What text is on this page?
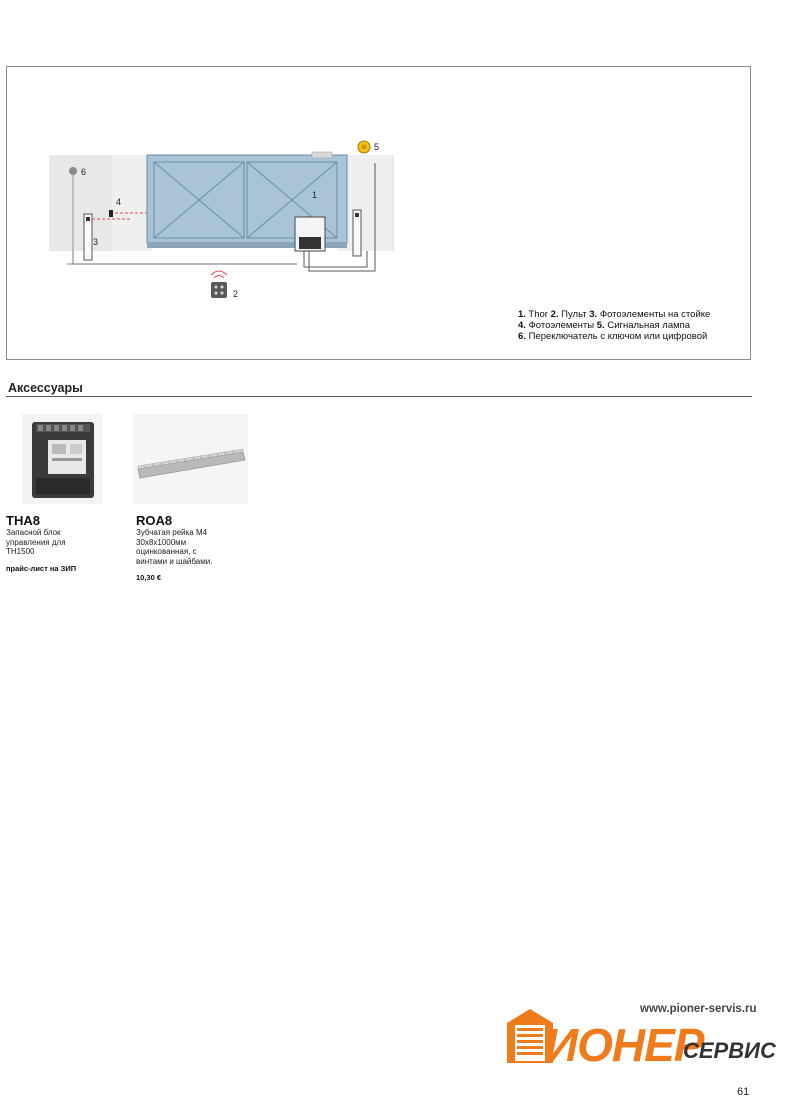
1
2
3
4
5
6
1. Thor 2. Пульт 3. Фотоэлементы на стойке
4. Фотоэлементы 5. Сигнальная лампа
6. Переключатель с ключом или цифровой
Аксессуары
THA8
Запасной блок управления для TH1500
прайс-лист на ЗИП
ROA8
Зубчатая рейка M4 30x8x1000мм оцинкованная, с винтами и шайбами.
10,30 €
www.pioner-servis.ru
ИОНЕР
СЕРВИС
61
